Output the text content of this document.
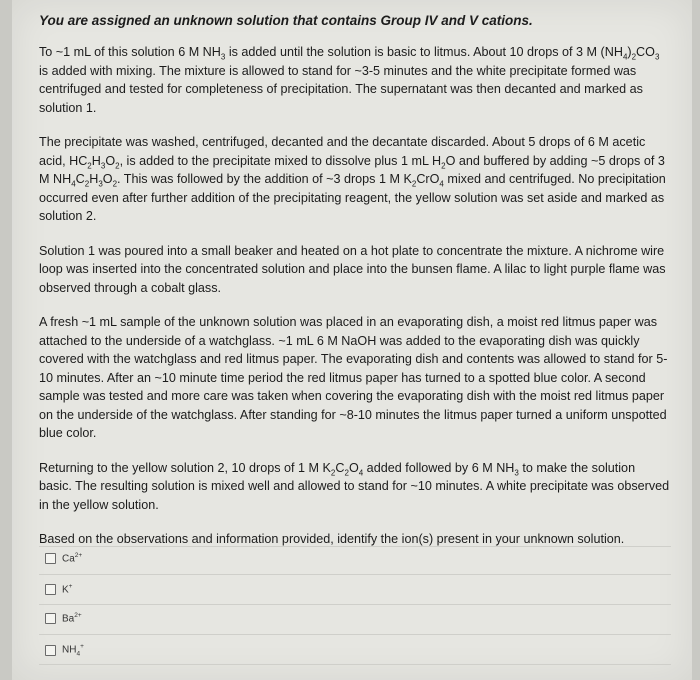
You are assigned an unknown solution that contains Group IV and V cations.

To ~1 mL of this solution 6 M $NH_3$ is added until the solution is basic to litmus. About 10 drops of 3 M $(NH_4)_2CO_3$ is added with mixing. The mixture is allowed to stand for ~3-5 minutes and the white precipitate formed was centrifuged and tested for completeness of precipitation. The supernatant was then decanted and marked as solution 1.

The precipitate was washed, centrifuged, decanted and the decantate discarded. About 5 drops of 6 M acetic acid, $HC_2H_3O_2$, is added to the precipitate mixed to dissolve plus 1 mL $H_2O$ and buffered by adding ~5 drops of 3 M $NH_4C_2H_3O_2$. This was followed by the addition of ~3 drops 1 M $K_2CrO_4$ mixed and centrifuged. No precipitation occurred even after further addition of the precipitating reagent, the yellow solution was set aside and marked as solution 2.

Solution 1 was poured into a small beaker and heated on a hot plate to concentrate the mixture. A nichrome wire loop was inserted into the concentrated solution and place into the bunsen flame. A lilac to light purple flame was observed through a cobalt glass.

A fresh ~1 mL sample of the unknown solution was placed in an evaporating dish, a moist red litmus paper was attached to the underside of a watchglass. ~1 mL 6 M NaOH was added to the evaporating dish was quickly covered with the watchglass and red litmus paper. The evaporating dish and contents was allowed to stand for 5-10 minutes. After an ~10 minute time period the red litmus paper has turned to a spotted blue color. A second sample was tested and more care was taken when covering the evaporating dish with the moist red litmus paper on the underside of the watchglass. After standing for ~8-10 minutes the litmus paper turned a uniform unspotted blue color.

Returning to the yellow solution 2, 10 drops of 1 M $K_2C_2O_4$ added followed by 6 M $NH_3$ to make the solution basic. The resulting solution is mixed well and allowed to stand for ~10 minutes. A white precipitate was observed in the yellow solution.

Based on the observations and information provided, identify the ion(s) present in your unknown solution.

$Ca^{2+}$
K+
$Ba^{2+}$
$NH_4^+$
